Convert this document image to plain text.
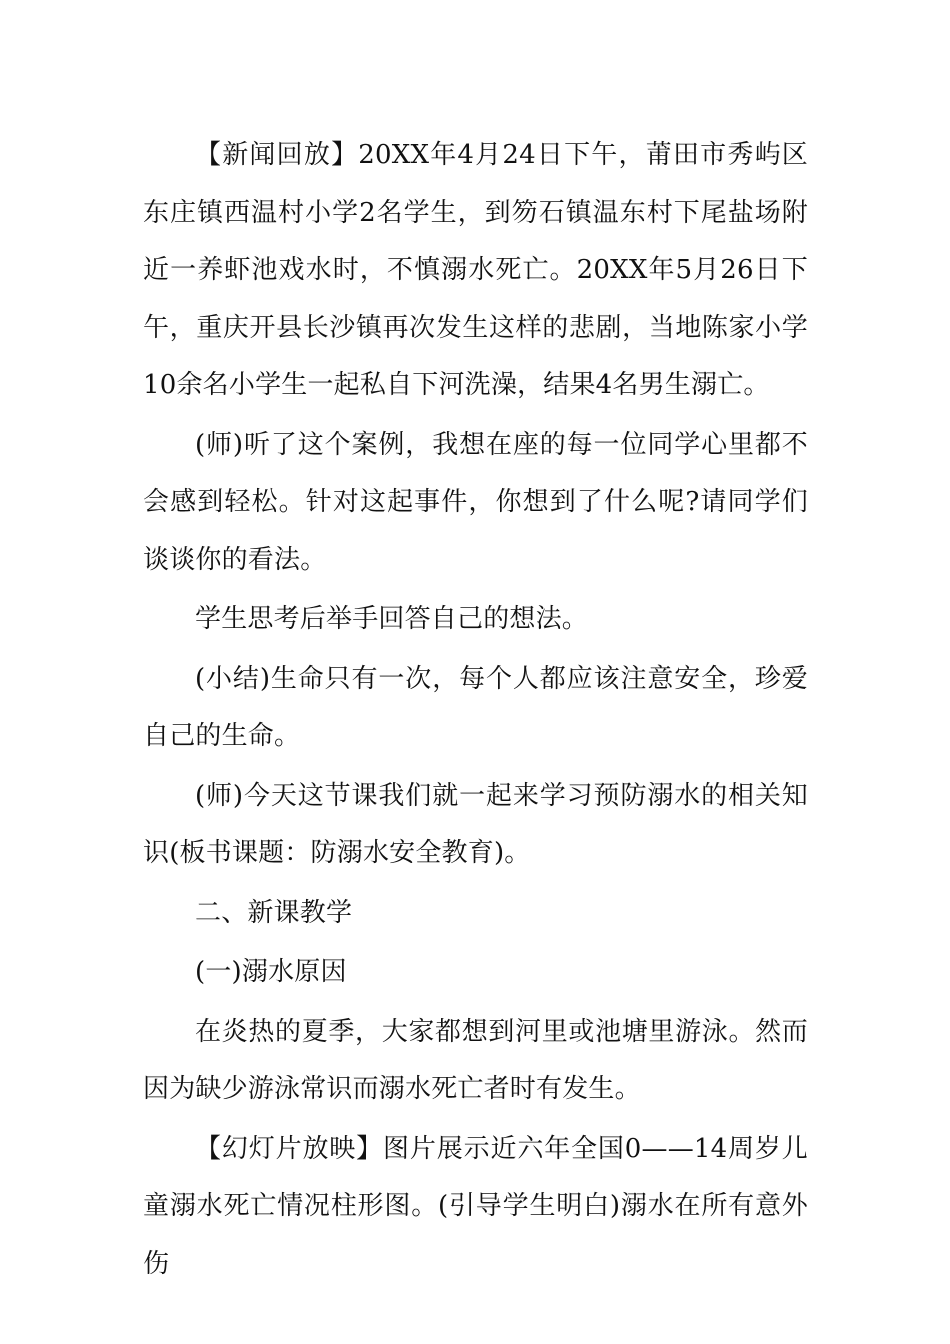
【新闻回放】20XX年4月24日下午，莆田市秀屿区东庄镇西温村小学2名学生，到笏石镇温东村下尾盐场附近一养虾池戏水时，不慎溺水死亡。20XX年5月26日下午，重庆开县长沙镇再次发生这样的悲剧，当地陈家小学10余名小学生一起私自下河洗澡，结果4名男生溺亡。

(师)听了这个案例，我想在座的每一位同学心里都不会感到轻松。针对这起事件，你想到了什么呢?请同学们谈谈你的看法。

学生思考后举手回答自己的想法。

(小结)生命只有一次，每个人都应该注意安全，珍爱自己的生命。

(师)今天这节课我们就一起来学习预防溺水的相关知识(板书课题：防溺水安全教育)。

二、新课教学

(一)溺水原因

在炎热的夏季，大家都想到河里或池塘里游泳。然而因为缺少游泳常识而溺水死亡者时有发生。

【幻灯片放映】图片展示近六年全国0——14周岁儿童溺水死亡情况柱形图。(引导学生明白)溺水在所有意外伤
